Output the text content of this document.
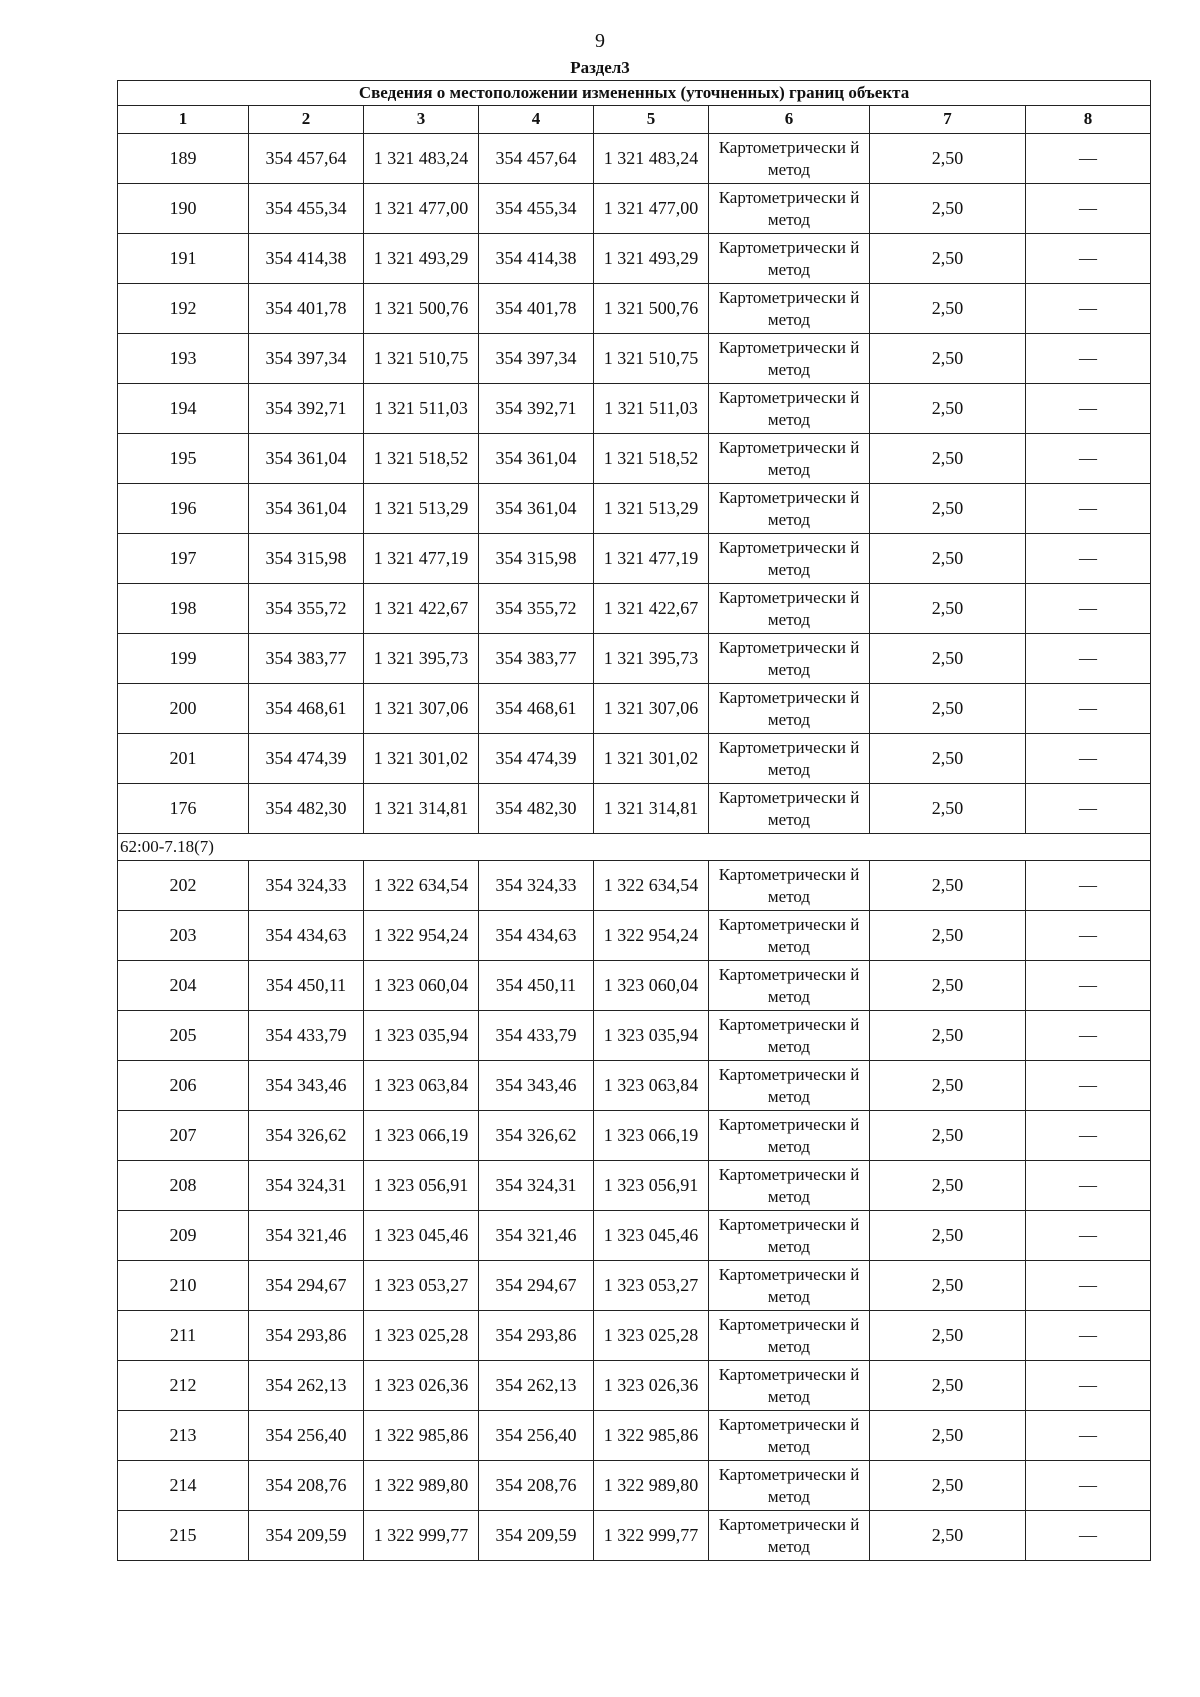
9
Раздел3
Сведения о местоположении измененных (уточненных) границ объекта							
1	2	3	4	5	6	7	8
189	354 457,64	1 321 483,24	354 457,64	1 321 483,24	Картометрически й метод	2,50	—
190	354 455,34	1 321 477,00	354 455,34	1 321 477,00	Картометрически й метод	2,50	—
191	354 414,38	1 321 493,29	354 414,38	1 321 493,29	Картометрически й метод	2,50	—
192	354 401,78	1 321 500,76	354 401,78	1 321 500,76	Картометрически й метод	2,50	—
193	354 397,34	1 321 510,75	354 397,34	1 321 510,75	Картометрически й метод	2,50	—
194	354 392,71	1 321 511,03	354 392,71	1 321 511,03	Картометрически й метод	2,50	—
195	354 361,04	1 321 518,52	354 361,04	1 321 518,52	Картометрически й метод	2,50	—
196	354 361,04	1 321 513,29	354 361,04	1 321 513,29	Картометрически й метод	2,50	—
197	354 315,98	1 321 477,19	354 315,98	1 321 477,19	Картометрически й метод	2,50	—
198	354 355,72	1 321 422,67	354 355,72	1 321 422,67	Картометрически й метод	2,50	—
199	354 383,77	1 321 395,73	354 383,77	1 321 395,73	Картометрически й метод	2,50	—
200	354 468,61	1 321 307,06	354 468,61	1 321 307,06	Картометрически й метод	2,50	—
201	354 474,39	1 321 301,02	354 474,39	1 321 301,02	Картометрически й метод	2,50	—
176	354 482,30	1 321 314,81	354 482,30	1 321 314,81	Картометрически й метод	2,50	—
62:00-7.18(7)							
202	354 324,33	1 322 634,54	354 324,33	1 322 634,54	Картометрически й метод	2,50	—
203	354 434,63	1 322 954,24	354 434,63	1 322 954,24	Картометрически й метод	2,50	—
204	354 450,11	1 323 060,04	354 450,11	1 323 060,04	Картометрически й метод	2,50	—
205	354 433,79	1 323 035,94	354 433,79	1 323 035,94	Картометрически й метод	2,50	—
206	354 343,46	1 323 063,84	354 343,46	1 323 063,84	Картометрически й метод	2,50	—
207	354 326,62	1 323 066,19	354 326,62	1 323 066,19	Картометрически й метод	2,50	—
208	354 324,31	1 323 056,91	354 324,31	1 323 056,91	Картометрически й метод	2,50	—
209	354 321,46	1 323 045,46	354 321,46	1 323 045,46	Картометрически й метод	2,50	—
210	354 294,67	1 323 053,27	354 294,67	1 323 053,27	Картометрически й метод	2,50	—
211	354 293,86	1 323 025,28	354 293,86	1 323 025,28	Картометрически й метод	2,50	—
212	354 262,13	1 323 026,36	354 262,13	1 323 026,36	Картометрически й метод	2,50	—
213	354 256,40	1 322 985,86	354 256,40	1 322 985,86	Картометрически й метод	2,50	—
214	354 208,76	1 322 989,80	354 208,76	1 322 989,80	Картометрически й метод	2,50	—
215	354 209,59	1 322 999,77	354 209,59	1 322 999,77	Картометрически й метод	2,50	—
